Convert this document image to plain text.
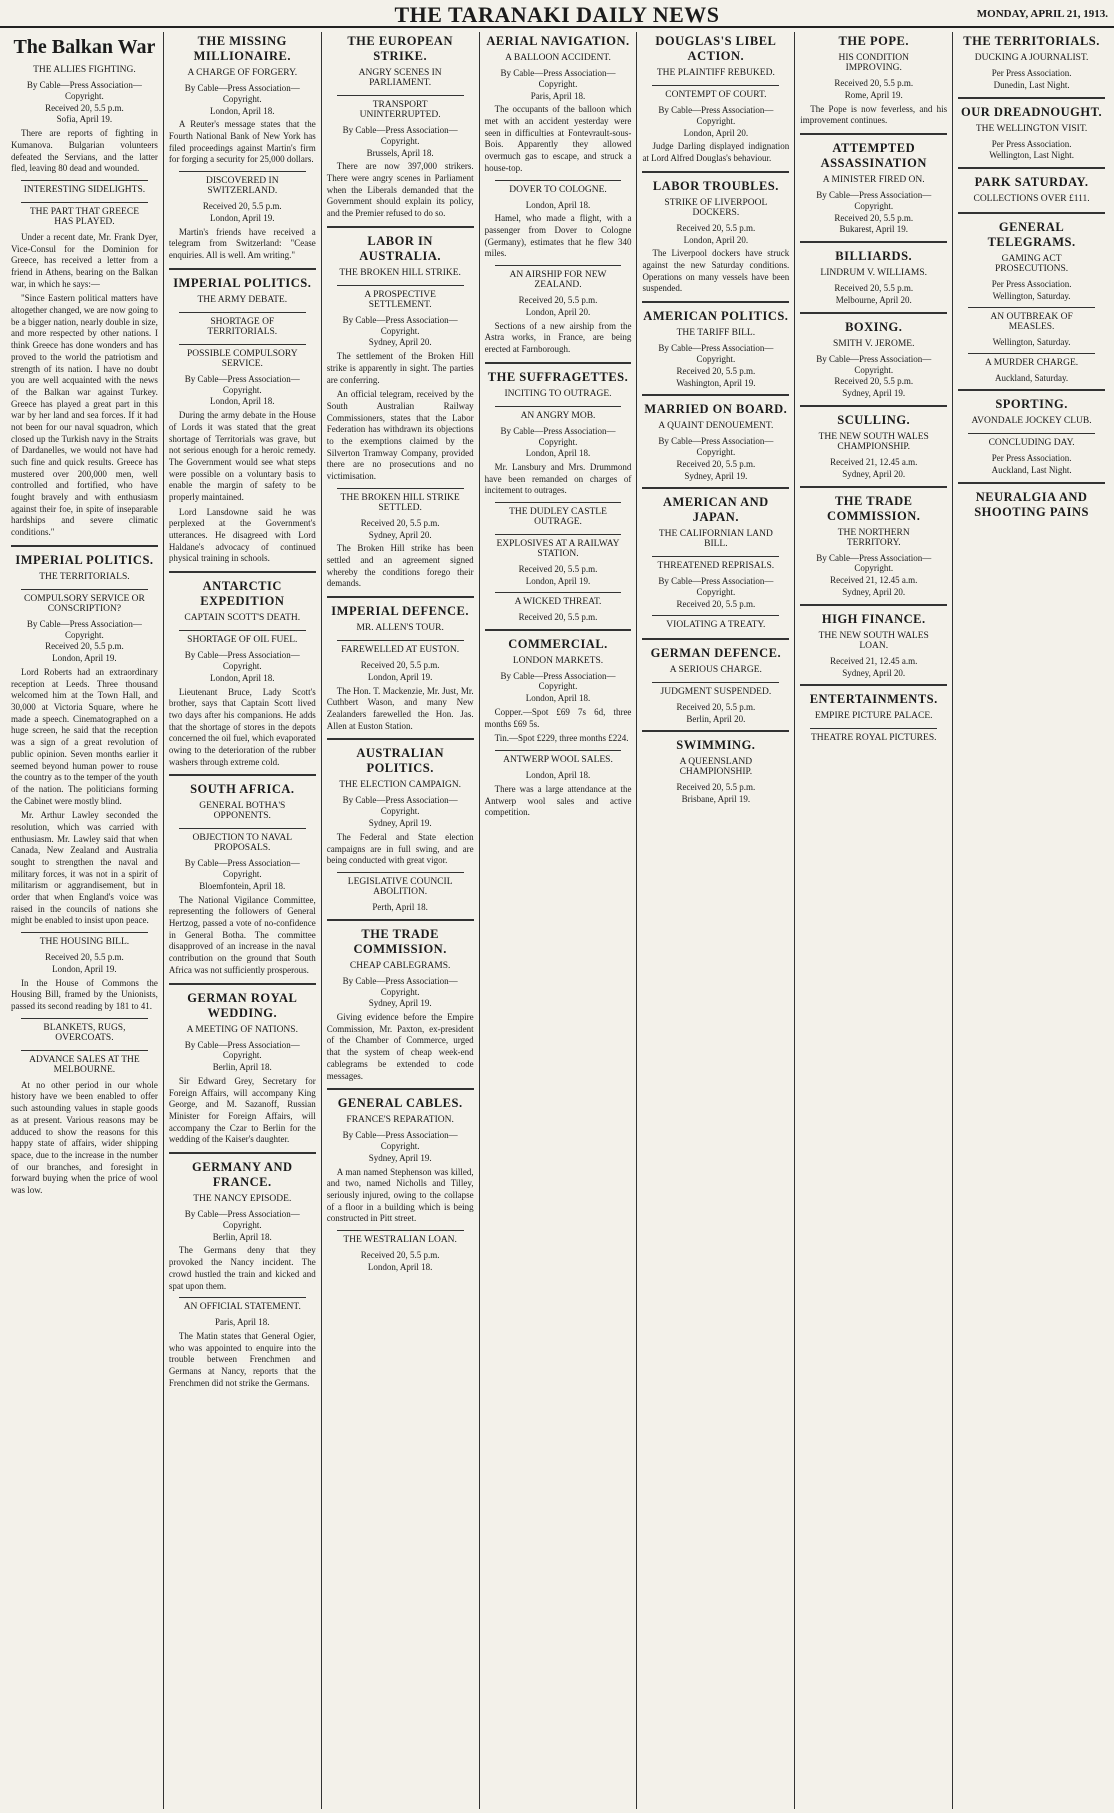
THE TARANAKI DAILY NEWS	MONDAY, APRIL 21, 1913.
The Balkan War
THE ALLIES FIGHTING.
By Cable—Press Association—Copyright.
Received 20, 5.5 p.m.
Sofia, April 19.
There are reports of fighting in Kumanova. Bulgarian volunteers defeated the Servians, and the latter fled, leaving 80 dead and wounded.
INTERESTING SIDELIGHTS.
THE PART THAT GREECE HAS PLAYED.
Under a recent date, Mr. Frank Dyer, Vice-Consul for the Dominion for Greece, has received a letter from a friend in Athens, bearing on the Balkan war, in which he says:—
"Since Eastern political matters have altogether changed, we are now going to be a bigger nation, nearly double in size, and more respected by other nations. I think Greece has done wonders and has proved to the world the patriotism and strength of its nation. I have no doubt you are well acquainted with the news of the Balkan war against Turkey. Greece has played a great part in this war by her land and sea forces. If it had not been for our naval squadron, which closed up the Turkish navy in the Straits of Dardanelles, we would not have had such fine and quick results. Greece has mustered over 200,000 men, well controlled and fortified, who have fought bravely and with enthusiasm against their foe, in spite of inseparable hardships and severe climatic conditions."
IMPERIAL POLITICS.
THE TERRITORIALS.
COMPULSORY SERVICE OR CONSCRIPTION?
By Cable—Press Association—Copyright.
Received 20, 5.5 p.m.
London, April 19.
Lord Roberts had an extraordinary reception at Leeds. Three thousand welcomed him at the Town Hall, and 30,000 at Victoria Square, where he made a speech. Cinematographed on a huge screen, he said that the reception was a sign of a great revolution of public opinion. Seven months earlier it seemed beyond human power to rouse the country as to the temper of the youth of the nation. The politicians forming the Cabinet were mostly blind.
Mr. Arthur Lawley seconded the resolution, which was carried with enthusiasm. Mr. Lawley said that when Canada, New Zealand and Australia sought to strengthen the naval and military forces, it was not in a spirit of militarism or aggrandisement, but in order that when England's voice was raised in the councils of nations she might be enabled to insist upon peace.
THE HOUSING BILL.
Received 20, 5.5 p.m.
London, April 19.
In the House of Commons the Housing Bill, framed by the Unionists, passed its second reading by 181 to 41.
BLANKETS, RUGS, OVERCOATS.
ADVANCE SALES AT THE MELBOURNE.
At no other period in our whole history have we been enabled to offer such astounding values in staple goods as at present. Various reasons may be adduced to show the reasons for this happy state of affairs, wider shipping space, due to the increase in the number of our branches, and foresight in forward buying when the price of wool was low.
THE MISSING MILLIONAIRE.
A CHARGE OF FORGERY.
By Cable—Press Association—Copyright.
London, April 18.
A Reuter's message states that the Fourth National Bank of New York has filed proceedings against Martin's firm for forging a security for 25,000 dollars.
DISCOVERED IN SWITZERLAND.
Received 20, 5.5 p.m.
London, April 19.
Martin's friends have received a telegram from Switzerland: "Cease enquiries. All is well. Am writing."
IMPERIAL POLITICS.
THE ARMY DEBATE.
SHORTAGE OF TERRITORIALS.
POSSIBLE COMPULSORY SERVICE.
By Cable—Press Association—Copyright.
London, April 18.
During the army debate in the House of Lords it was stated that the great shortage of Territorials was grave, but not serious enough for a heroic remedy. The Government would see what steps were possible on a voluntary basis to enable the margin of safety to be properly maintained.
Lord Lansdowne said he was perplexed at the Government's utterances. He disagreed with Lord Haldane's advocacy of continued physical training in schools.
ANTARCTIC EXPEDITION
CAPTAIN SCOTT'S DEATH.
SHORTAGE OF OIL FUEL.
By Cable—Press Association—Copyright.
London, April 18.
Lieutenant Bruce, Lady Scott's brother, says that Captain Scott lived two days after his companions. He adds that the shortage of stores in the depots concerned the oil fuel, which evaporated owing to the deterioration of the rubber washers through extreme cold.
SOUTH AFRICA.
GENERAL BOTHA'S OPPONENTS.
OBJECTION TO NAVAL PROPOSALS.
By Cable—Press Association—Copyright.
Bloemfontein, April 18.
The National Vigilance Committee, representing the followers of General Hertzog, passed a vote of no-confidence in General Botha. The committee disapproved of an increase in the naval contribution on the ground that South Africa was not sufficiently prosperous.
GERMAN ROYAL WEDDING.
A MEETING OF NATIONS.
By Cable—Press Association—Copyright.
Berlin, April 18.
Sir Edward Grey, Secretary for Foreign Affairs, will accompany King George, and M. Sazanoff, Russian Minister for Foreign Affairs, will accompany the Czar to Berlin for the wedding of the Kaiser's daughter.
GERMANY AND FRANCE.
THE NANCY EPISODE.
By Cable—Press Association—Copyright.
Berlin, April 18.
The Germans deny that they provoked the Nancy incident. The crowd hustled the train and kicked and spat upon them.
AN OFFICIAL STATEMENT.
Paris, April 18.
The Matin states that General Ogier, who was appointed to enquire into the trouble between Frenchmen and Germans at Nancy, reports that the Frenchmen did not strike the Germans.
THE EUROPEAN STRIKE.
ANGRY SCENES IN PARLIAMENT.
TRANSPORT UNINTERRUPTED.
By Cable—Press Association—Copyright.
Brussels, April 18.
There are now 397,000 strikers. There were angry scenes in Parliament when the Liberals demanded that the Government should explain its policy, and the Premier refused to do so.
LABOR IN AUSTRALIA.
THE BROKEN HILL STRIKE.
A PROSPECTIVE SETTLEMENT.
By Cable—Press Association—Copyright.
Sydney, April 20.
The settlement of the Broken Hill strike is apparently in sight. The parties are conferring.
An official telegram, received by the South Australian Railway Commissioners, states that the Labor Federation has withdrawn its objections to the exemptions claimed by the Silverton Tramway Company, provided there are no prosecutions and no victimisation.
THE BROKEN HILL STRIKE SETTLED.
Received 20, 5.5 p.m.
Sydney, April 20.
The Broken Hill strike has been settled and an agreement signed whereby the conditions forego their demands.
IMPERIAL DEFENCE.
MR. ALLEN'S TOUR.
FAREWELLED AT EUSTON.
Received 20, 5.5 p.m.
London, April 19.
The Hon. T. Mackenzie, Mr. Just, Mr. Cuthbert Wason, and many New Zealanders farewelled the Hon. Jas. Allen at Euston Station.
AUSTRALIAN POLITICS.
THE ELECTION CAMPAIGN.
By Cable—Press Association—Copyright.
Sydney, April 19.
The Federal and State election campaigns are in full swing, and are being conducted with great vigor.
LEGISLATIVE COUNCIL ABOLITION.
Perth, April 18.
THE TRADE COMMISSION.
CHEAP CABLEGRAMS.
By Cable—Press Association—Copyright.
Sydney, April 19.
Giving evidence before the Empire Commission, Mr. Paxton, ex-president of the Chamber of Commerce, urged that the system of cheap week-end cablegrams be extended to code messages.
GENERAL CABLES.
FRANCE'S REPARATION.
By Cable—Press Association—Copyright.
Sydney, April 19.
A man named Stephenson was killed, and two, named Nicholls and Tilley, seriously injured, owing to the collapse of a floor in a building which is being constructed in Pitt street.
THE WESTRALIAN LOAN.
Received 20, 5.5 p.m.
London, April 18.
AERIAL NAVIGATION.
A BALLOON ACCIDENT.
By Cable—Press Association—Copyright.
Paris, April 18.
The occupants of the balloon which met with an accident yesterday were seen in difficulties at Fontevrault-sous-Bois. Apparently they allowed overmuch gas to escape, and struck a house-top.
DOVER TO COLOGNE.
London, April 18.
Hamel, who made a flight, with a passenger from Dover to Cologne (Germany), estimates that he flew 340 miles.
AN AIRSHIP FOR NEW ZEALAND.
Received 20, 5.5 p.m.
London, April 20.
Sections of a new airship from the Astra works, in France, are being erected at Farnborough.
THE SUFFRAGETTES.
INCITING TO OUTRAGE.
AN ANGRY MOB.
By Cable—Press Association—Copyright.
London, April 18.
Mr. Lansbury and Mrs. Drummond have been remanded on charges of incitement to outrages.
THE DUDLEY CASTLE OUTRAGE.
EXPLOSIVES AT A RAILWAY STATION.
Received 20, 5.5 p.m.
London, April 19.
A WICKED THREAT.
Received 20, 5.5 p.m.
COMMERCIAL.
LONDON MARKETS.
By Cable—Press Association—Copyright.
London, April 18.
Copper.—Spot £69 7s 6d, three months £69 5s.
Tin.—Spot £229, three months £224.
ANTWERP WOOL SALES.
London, April 18.
There was a large attendance at the Antwerp wool sales and active competition.
DOUGLAS'S LIBEL ACTION.
THE PLAINTIFF REBUKED.
CONTEMPT OF COURT.
By Cable—Press Association—Copyright.
London, April 20.
Judge Darling displayed indignation at Lord Alfred Douglas's behaviour.
LABOR TROUBLES.
STRIKE OF LIVERPOOL DOCKERS.
Received 20, 5.5 p.m.
London, April 20.
The Liverpool dockers have struck against the new Saturday conditions. Operations on many vessels have been suspended.
AMERICAN POLITICS.
THE TARIFF BILL.
By Cable—Press Association—Copyright.
Received 20, 5.5 p.m.
Washington, April 19.
MARRIED ON BOARD.
A QUAINT DENOUEMENT.
By Cable—Press Association—Copyright.
Received 20, 5.5 p.m.
Sydney, April 19.
AMERICAN AND JAPAN.
THE CALIFORNIAN LAND BILL.
THREATENED REPRISALS.
By Cable—Press Association—Copyright.
Received 20, 5.5 p.m.
VIOLATING A TREATY.
GERMAN DEFENCE.
A SERIOUS CHARGE.
JUDGMENT SUSPENDED.
Received 20, 5.5 p.m.
Berlin, April 20.
SWIMMING.
A QUEENSLAND CHAMPIONSHIP.
Received 20, 5.5 p.m.
Brisbane, April 19.
THE POPE.
HIS CONDITION IMPROVING.
Received 20, 5.5 p.m.
Rome, April 19.
The Pope is now feverless, and his improvement continues.
ATTEMPTED ASSASSINATION
A MINISTER FIRED ON.
By Cable—Press Association—Copyright.
Received 20, 5.5 p.m.
Bukarest, April 19.
BILLIARDS.
LINDRUM V. WILLIAMS.
Received 20, 5.5 p.m.
Melbourne, April 20.
BOXING.
SMITH V. JEROME.
By Cable—Press Association—Copyright.
Received 20, 5.5 p.m.
Sydney, April 19.
SCULLING.
THE NEW SOUTH WALES CHAMPIONSHIP.
Received 21, 12.45 a.m.
Sydney, April 20.
THE TRADE COMMISSION.
THE NORTHERN TERRITORY.
By Cable—Press Association—Copyright.
Received 21, 12.45 a.m.
Sydney, April 20.
HIGH FINANCE.
THE NEW SOUTH WALES LOAN.
Received 21, 12.45 a.m.
Sydney, April 20.
ENTERTAINMENTS.
EMPIRE PICTURE PALACE.
THEATRE ROYAL PICTURES.
THE TERRITORIALS.
DUCKING A JOURNALIST.
Per Press Association.
Dunedin, Last Night.
OUR DREADNOUGHT.
THE WELLINGTON VISIT.
Per Press Association.
Wellington, Last Night.
PARK SATURDAY.
COLLECTIONS OVER £111.
GENERAL TELEGRAMS.
GAMING ACT PROSECUTIONS.
Per Press Association.
Wellington, Saturday.
AN OUTBREAK OF MEASLES.
Wellington, Saturday.
A MURDER CHARGE.
Auckland, Saturday.
SPORTING.
AVONDALE JOCKEY CLUB.
CONCLUDING DAY.
Per Press Association.
Auckland, Last Night.
NEURALGIA AND SHOOTING PAINS
